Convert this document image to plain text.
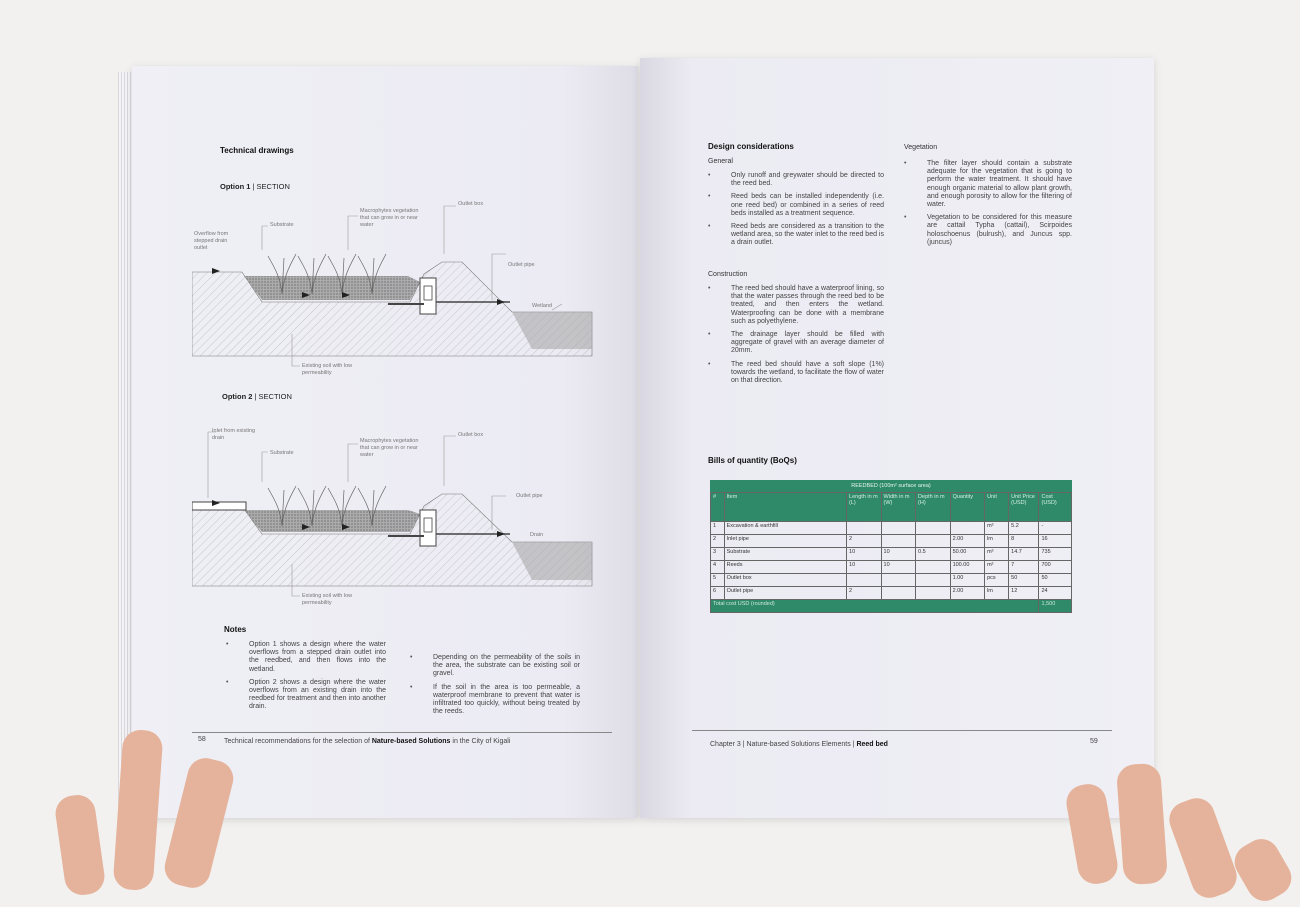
Technical drawings
Option 1 | SECTION
Overflow from stepped drain outlet
Substrate
Macrophytes vegetation that can grow in or near water
Outlet box
Outlet pipe
Wetland
Existing soil with low permeability
Option 2 | SECTION
Inlet from existing drain
Substrate
Macrophytes vegetation that can grow in or near water
Outlet box
Outlet pipe
Drain
Existing soil with low permeability
Notes
• Option 1 shows a design where the water overflows from a stepped drain outlet into the reedbed, and then flows into the wetland.
• Option 2 shows a design where the water overflows from an existing drain into the reedbed for treatment and then into another drain.
• Depending on the permeability of the soils in the area, the substrate can be existing soil or gravel.
• If the soil in the area is too permeable, a waterproof membrane to prevent that water is infiltrated too quickly, without being treated by the reeds.
58	Technical recommendations for the selection of Nature-based Solutions in the City of Kigali
Design considerations
General
• Only runoff and greywater should be directed to the reed bed.
• Reed beds can be installed independently (i.e. one reed bed) or combined in a series of reed beds installed as a treatment sequence.
• Reed beds are considered as a transition to the wetland area, so the water inlet to the reed bed is a drain outlet.
Construction
• The reed bed should have a waterproof lining, so that the water passes through the reed bed to be treated, and then enters the wetland. Waterproofing can be done with a membrane such as polyethylene.
• The drainage layer should be filled with aggregate of gravel with an average diameter of 20mm.
• The reed bed should have a soft slope (1%) towards the wetland, to facilitate the flow of water on that direction.
Vegetation
• The filter layer should contain a substrate adequate for the vegetation that is going to perform the water treatment. It should have enough organic material to allow plant growth, and enough porosity to allow for the filtering of water.
• Vegetation to be considered for this measure are cattail Typha (cattail), Scirpoides holoschoenus (bulrush), and Juncus spp. (juncus)
Bills of quantity (BoQs)
REEDBED (100m² surface area)
#	Item	Length in m (L)	Width in m (W)	Depth in m (H)	Quantity	Unit	Unit Price (USD)	Cost (USD)
1	Excavation & earthfill					m³	5.2	-
2	Inlet pipe	2			2.00	lm	8	16
3	Substrate	10	10	0.5	50.00	m³	14.7	735
4	Reeds	10	10		100.00	m²	7	700
5	Outlet box				1.00	pcs	50	50
6	Outlet pipe	2			2.00	lm	12	24
Total cost USD (rounded)								1,500
Chapter 3 | Nature-based Solutions Elements | Reed bed	59
